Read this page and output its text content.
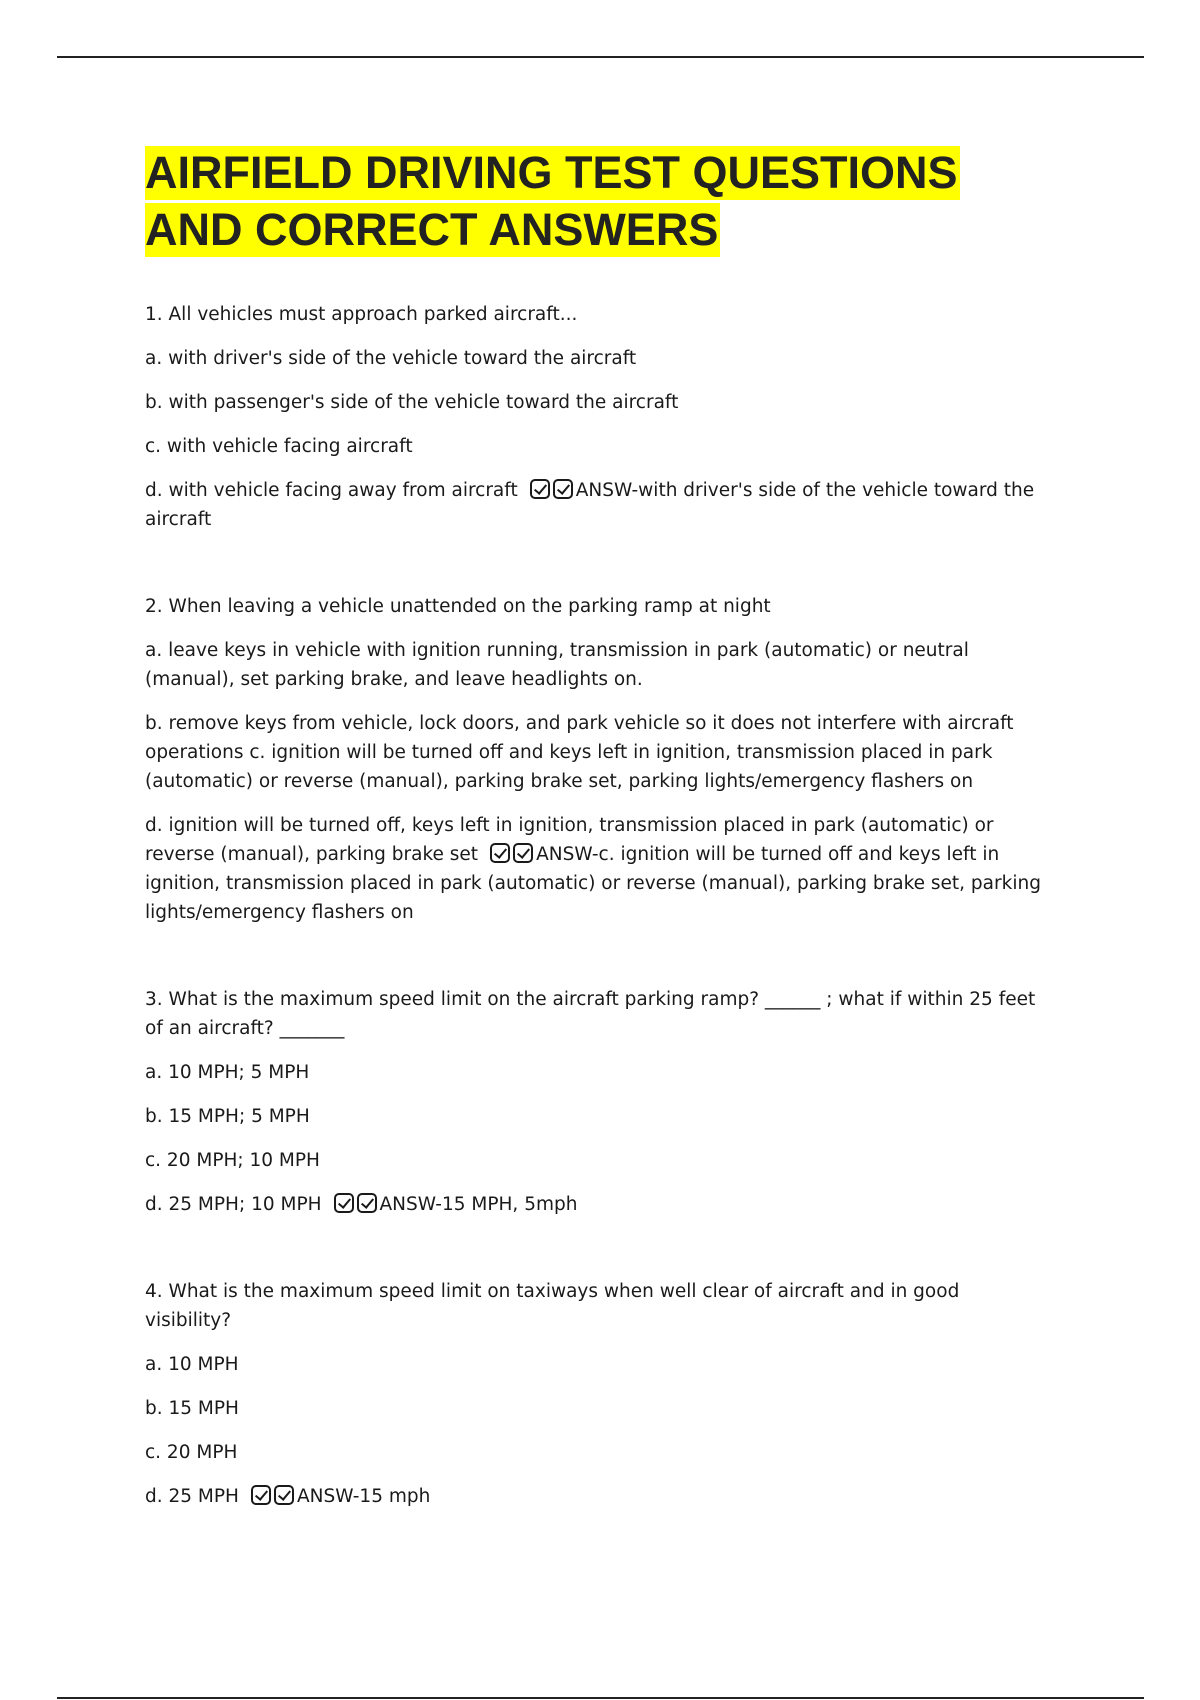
AIRFIELD DRIVING TEST QUESTIONS
AND CORRECT ANSWERS

1. All vehicles must approach parked aircraft...

a. with driver's side of the vehicle toward the aircraft

b. with passenger's side of the vehicle toward the aircraft

c. with vehicle facing aircraft

d. with vehicle facing away from aircraft	ANSW-with driver's side of the vehicle toward the aircraft

2. When leaving a vehicle unattended on the parking ramp at night

a. leave keys in vehicle with ignition running, transmission in park (automatic) or neutral (manual), set parking brake, and leave headlights on.

b. remove keys from vehicle, lock doors, and park vehicle so it does not interfere with aircraft operations c. ignition will be turned off and keys left in ignition, transmission placed in park (automatic) or reverse (manual), parking brake set, parking lights/emergency flashers on

d. ignition will be turned off, keys left in ignition, transmission placed in park (automatic) or reverse (manual), parking brake set	ANSW-c. ignition will be turned off and keys left in ignition, transmission placed in park (automatic) or reverse (manual), parking brake set, parking lights/emergency flashers on

3. What is the maximum speed limit on the aircraft parking ramp? ______ ; what if within 25 feet of an aircraft? _______

a. 10 MPH; 5 MPH

b. 15 MPH; 5 MPH

c. 20 MPH; 10 MPH

d. 25 MPH; 10 MPH	ANSW-15 MPH, 5mph

4. What is the maximum speed limit on taxiways when well clear of aircraft and in good visibility?

a. 10 MPH

b. 15 MPH

c. 20 MPH

d. 25 MPH	ANSW-15 mph
